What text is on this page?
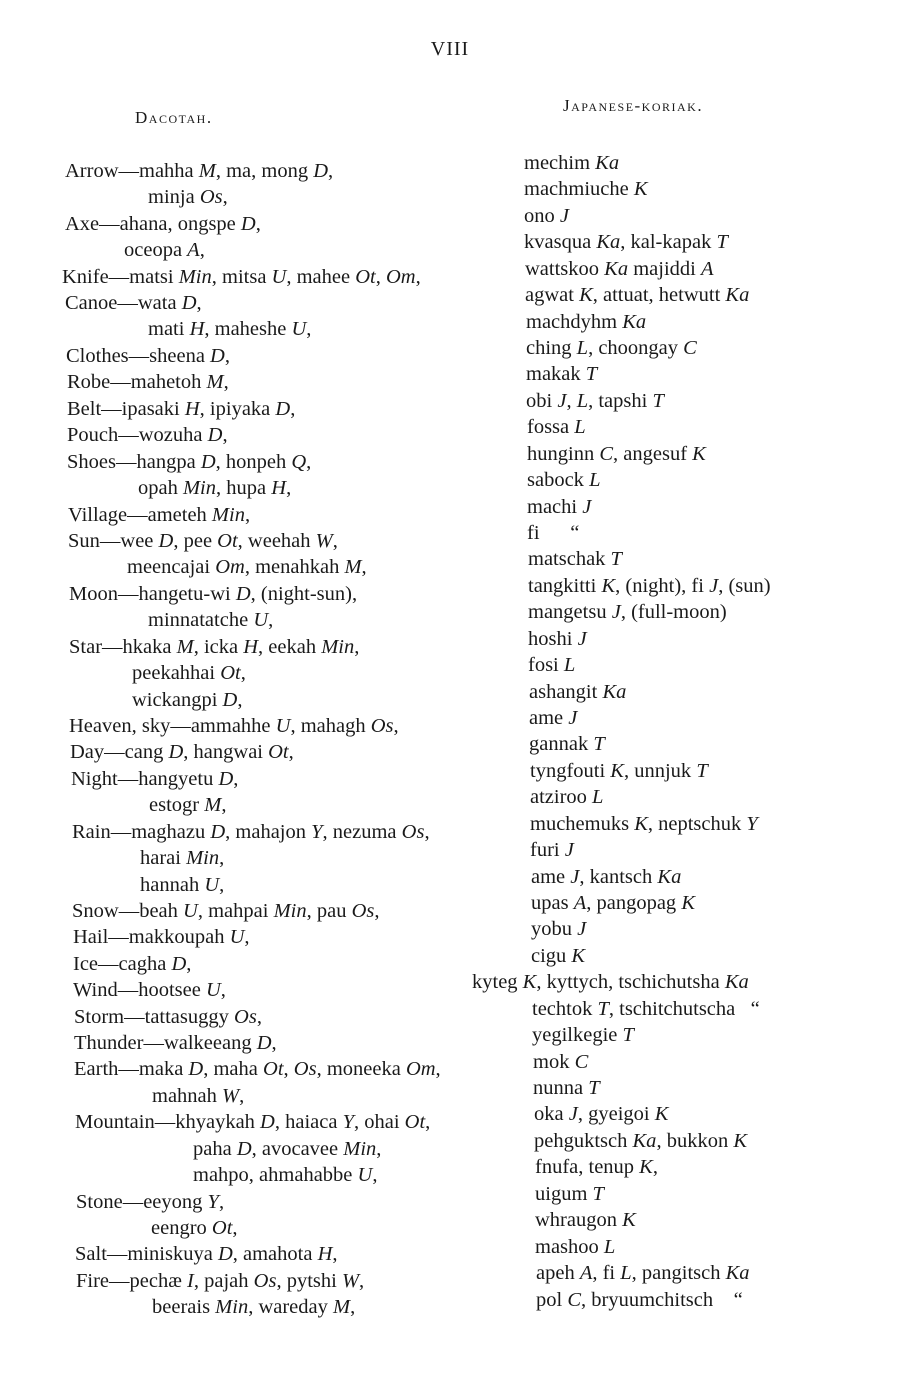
VIII
Dacotah.
Japanese-koriak.
Arrow—mahha M, ma, mong D,
minja Os,
Axe—ahana, ongspe D,
oceopa A,
Knife—matsi Min, mitsa U, mahee Ot, Om,
Canoe—wata D,
mati H, maheshe U,
Clothes—sheena D,
Robe—mahetoh M,
Belt—ipasaki H, ipiyaka D,
Pouch—wozuha D,
Shoes—hangpa D, honpeh Q,
opah Min, hupa H,
Village—ameteh Min,
Sun—wee D, pee Ot, weehah W,
meencajai Om, menahkah M,
Moon—hangetu-wi D, (night-sun),
minnatatche U,
Star—hkaka M, icka H, eekah Min,
peekahhai Ot,
wickangpi D,
Heaven, sky—ammahhe U, mahagh Os,
Day—cang D, hangwai Ot,
Night—hangyetu D,
estogr M,
Rain—maghazu D, mahajon Y, nezuma Os,
harai Min,
hannah U,
Snow—beah U, mahpai Min, pau Os,
Hail—makkoupah U,
Ice—cagha D,
Wind—hootsee U,
Storm—tattasuggy Os,
Thunder—walkeeang D,
Earth—maka D, maha Ot, Os, moneeka Om,
mahnah W,
Mountain—khyaykah D, haiaca Y, ohai Ot,
paha D, avocavee Min,
mahpo, ahmahabbe U,
Stone—eeyong Y,
eengro Ot,
Salt—miniskuya D, amahota H,
Fire—pechæ I, pajah Os, pytshi W,
beerais Min, wareday M,
mechim Ka
machmiuche K
ono J
kvasqua Ka, kal-kapak T
wattskoo Ka majiddi A
agwat K, attuat, hetwutt Ka
machdyhm Ka
ching L, choongay C
makak T
obi J, L, tapshi T
fossa L
hunginn C, angesuf K
sabock L
machi J
fi      “
matschak T
tangkitti K, (night), fi J, (sun)
mangetsu J, (full-moon)
hoshi J
fosi L
ashangit Ka
ame J
gannak T
tyngfouti K, unnjuk T
atziroo L
muchemuks K, neptschuk Y
furi J
ame J, kantsch Ka
upas A, pangopag K
yobu J
cigu K
kyteg K, kyttych, tschichutsha Ka
techtok T, tschitchutscha   “
yegilkegie T
mok C
nunna T
oka J, gyeigoi K
pehguktsch Ka, bukkon K
fnufa, tenup K,
uigum T
whraugon K
mashoo L
apeh A, fi L, pangitsch Ka
pol C, bryuumchitsch    “
